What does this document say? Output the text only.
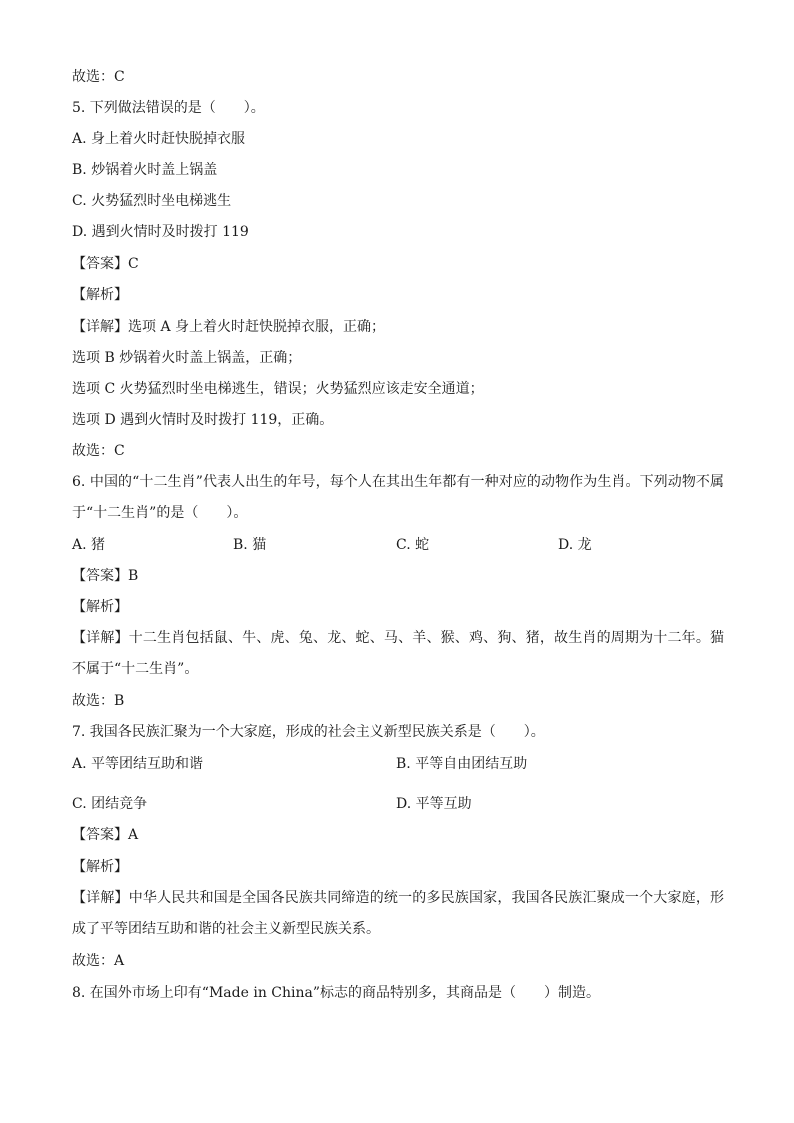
故选：C
5. 下列做法错误的是（　　）。
A. 身上着火时赶快脱掉衣服
B. 炒锅着火时盖上锅盖
C. 火势猛烈时坐电梯逃生
D. 遇到火情时及时拨打 119
【答案】C
【解析】
【详解】选项 A 身上着火时赶快脱掉衣服，正确；
选项 B 炒锅着火时盖上锅盖，正确；
选项 C 火势猛烈时坐电梯逃生，错误；火势猛烈应该走安全通道；
选项 D 遇到火情时及时拨打 119，正确。
故选：C
6. 中国的“十二生肖”代表人出生的年号，每个人在其出生年都有一种对应的动物作为生肖。下列动物不属于“十二生肖”的是（　　）。
A. 猪	B. 猫	C. 蛇	D. 龙
【答案】B
【解析】
【详解】十二生肖包括鼠、牛、虎、兔、龙、蛇、马、羊、猴、鸡、狗、猪，故生肖的周期为十二年。猫不属于“十二生肖”。
故选：B
7. 我国各民族汇聚为一个大家庭，形成的社会主义新型民族关系是（　　）。
A. 平等团结互助和谐	B. 平等自由团结互助
C. 团结竞争	D. 平等互助
【答案】A
【解析】
【详解】中华人民共和国是全国各民族共同缔造的统一的多民族国家，我国各民族汇聚成一个大家庭，形成了平等团结互助和谐的社会主义新型民族关系。
故选：A
8. 在国外市场上印有“Made in China”标志的商品特别多，其商品是（　　）制造。
